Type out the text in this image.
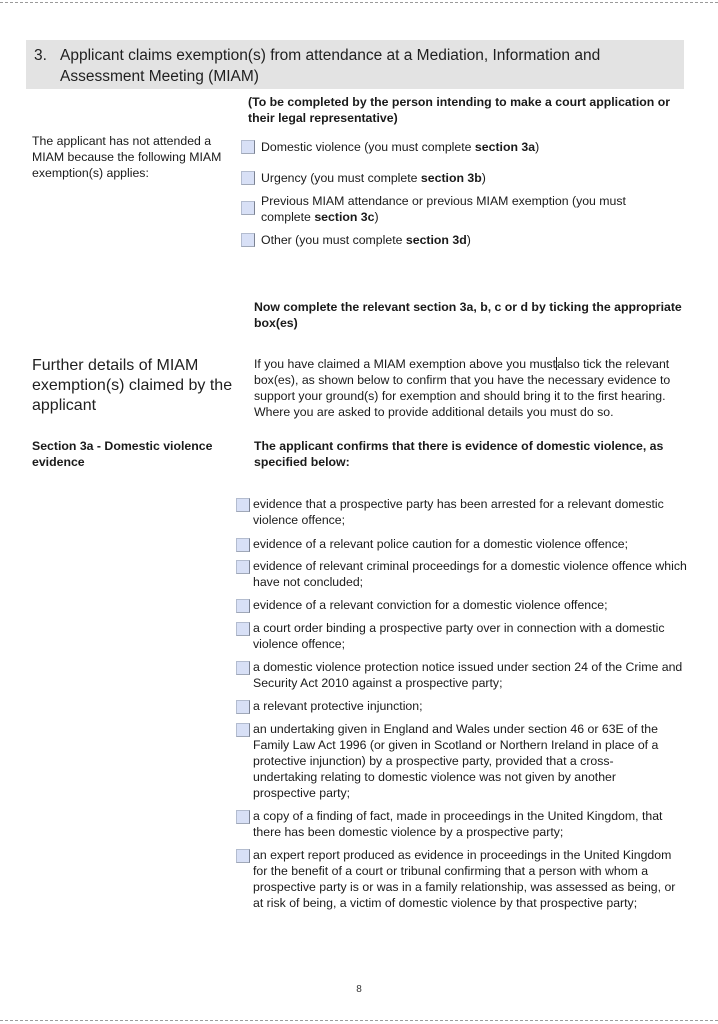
3. Applicant claims exemption(s) from attendance at a Mediation, Information and Assessment Meeting (MIAM)
(To be completed by the person intending to make a court application or their legal representative)
The applicant has not attended a MIAM because the following MIAM exemption(s) applies:
Domestic violence (you must complete section 3a)
Urgency (you must complete section 3b)
Previous MIAM attendance or previous MIAM exemption (you must complete section 3c)
Other (you must complete section 3d)
Now complete the relevant section 3a, b, c or d by ticking the appropriate box(es)
Further details of MIAM exemption(s) claimed by the applicant
If you have claimed a MIAM exemption above you mustalso tick the relevant box(es), as shown below to confirm that you have the necessary evidence to support your ground(s) for exemption and should bring it to the first hearing. Where you are asked to provide additional details you must do so.
Section 3a - Domestic violence evidence
The applicant confirms that there is evidence of domestic violence, as specified below:
evidence that a prospective party has been arrested for a relevant domestic violence offence;
evidence of a relevant police caution for a domestic violence offence;
evidence of relevant criminal proceedings for a domestic violence offence which have not concluded;
evidence of a relevant conviction for a domestic violence offence;
a court order binding a prospective party over in connection with a domestic violence offence;
a domestic violence protection notice issued under section 24 of the Crime and Security Act 2010 against a prospective party;
a relevant protective injunction;
an undertaking given in England and Wales under section 46 or 63E of the Family Law Act 1996 (or given in Scotland or Northern Ireland in place of a protective injunction) by a prospective party, provided that a cross-undertaking relating to domestic violence was not given by another prospective party;
a copy of a finding of fact, made in proceedings in the United Kingdom, that there has been domestic violence by a prospective party;
an expert report produced as evidence in proceedings in the United Kingdom for the benefit of a court or tribunal confirming that a person with whom a prospective party is or was in a family relationship, was assessed as being, or at risk of being, a victim of domestic violence by that prospective party;
8
